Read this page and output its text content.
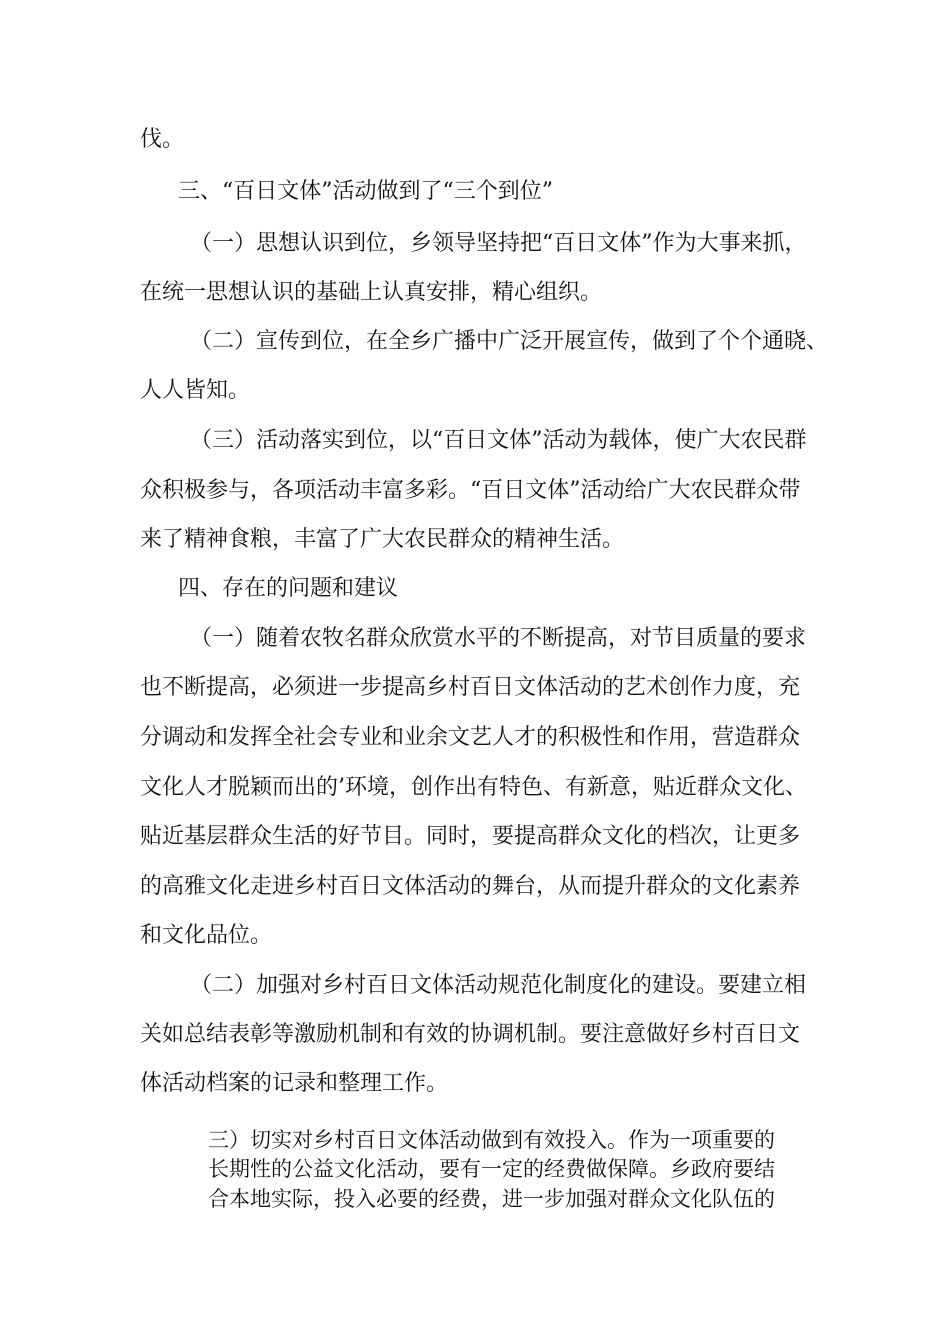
伐。

三、“百日文体”活动做到了“三个到位”

（一）思想认识到位，乡领导坚持把“百日文体”作为大事来抓，

在统一思想认识的基础上认真安排，精心组织。

（二）宣传到位，在全乡广播中广泛开展宣传，做到了个个通晓、

人人皆知。

（三）活动落实到位，以“百日文体”活动为载体，使广大农民群

众积极参与，各项活动丰富多彩。“百日文体”活动给广大农民群众带

来了精神食粮，丰富了广大农民群众的精神生活。

四、存在的问题和建议

（一）随着农牧名群众欣赏水平的不断提高，对节目质量的要求

也不断提高，必须进一步提高乡村百日文体活动的艺术创作力度，充

分调动和发挥全社会专业和业余文艺人才的积极性和作用，营造群众

文化人才脱颖而出的’环境，创作出有特色、有新意，贴近群众文化、

贴近基层群众生活的好节目。同时，要提高群众文化的档次，让更多

的高雅文化走进乡村百日文体活动的舞台，从而提升群众的文化素养

和文化品位。

（二）加强对乡村百日文体活动规范化制度化的建设。要建立相

关如总结表彰等激励机制和有效的协调机制。要注意做好乡村百日文

体活动档案的记录和整理工作。

三）切实对乡村百日文体活动做到有效投入。作为一项重要的

长期性的公益文化活动，要有一定的经费做保障。乡政府要结

合本地实际，投入必要的经费，进一步加强对群众文化队伍的
